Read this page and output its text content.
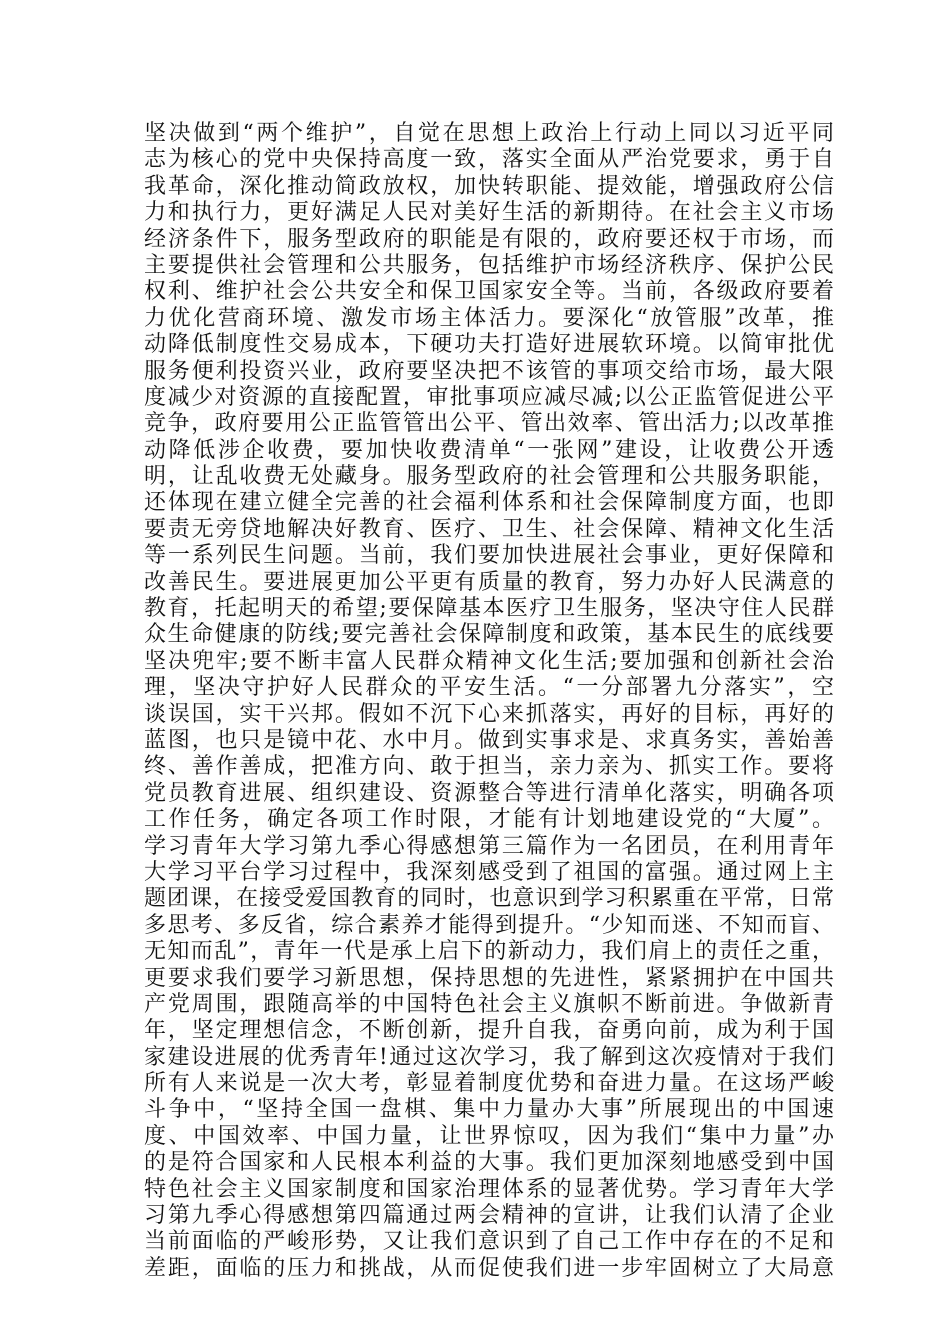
坚决做到“两个维护”，自觉在思想上政治上行动上同以习近平同
志为核心的党中央保持高度一致，落实全面从严治党要求，勇于自
我革命，深化推动简政放权，加快转职能、提效能，增强政府公信
力和执行力，更好满足人民对美好生活的新期待。在社会主义市场
经济条件下，服务型政府的职能是有限的，政府要还权于市场，而
主要提供社会管理和公共服务，包括维护市场经济秩序、保护公民
权利、维护社会公共安全和保卫国家安全等。当前，各级政府要着
力优化营商环境、激发市场主体活力。要深化“放管服”改革，推
动降低制度性交易成本，下硬功夫打造好进展软环境。以简审批优
服务便利投资兴业，政府要坚决把不该管的事项交给市场，最大限
度减少对资源的直接配置，审批事项应减尽减;以公正监管促进公平
竞争，政府要用公正监管管出公平、管出效率、管出活力;以改革推
动降低涉企收费，要加快收费清单“一张网”建设，让收费公开透
明，让乱收费无处藏身。服务型政府的社会管理和公共服务职能，
还体现在建立健全完善的社会福利体系和社会保障制度方面，也即
要责无旁贷地解决好教育、医疗、卫生、社会保障、精神文化生活
等一系列民生问题。当前，我们要加快进展社会事业，更好保障和
改善民生。要进展更加公平更有质量的教育，努力办好人民满意的
教育，托起明天的希望;要保障基本医疗卫生服务，坚决守住人民群
众生命健康的防线;要完善社会保障制度和政策，基本民生的底线要
坚决兜牢;要不断丰富人民群众精神文化生活;要加强和创新社会治
理，坚决守护好人民群众的平安生活。“一分部署九分落实”，空
谈误国，实干兴邦。假如不沉下心来抓落实，再好的目标，再好的
蓝图，也只是镜中花、水中月。做到实事求是、求真务实，善始善
终、善作善成，把准方向、敢于担当，亲力亲为、抓实工作。要将
党员教育进展、组织建设、资源整合等进行清单化落实，明确各项
工作任务，确定各项工作时限，才能有计划地建设党的“大厦”。
学习青年大学习第九季心得感想第三篇作为一名团员，在利用青年
大学习平台学习过程中，我深刻感受到了祖国的富强。通过网上主
题团课，在接受爱国教育的同时，也意识到学习积累重在平常，日常
多思考、多反省，综合素养才能得到提升。“少知而迷、不知而盲、
无知而乱”，青年一代是承上启下的新动力，我们肩上的责任之重，
更要求我们要学习新思想，保持思想的先进性，紧紧拥护在中国共
产党周围，跟随高举的中国特色社会主义旗帜不断前进。争做新青
年，坚定理想信念，不断创新，提升自我，奋勇向前，成为利于国
家建设进展的优秀青年!通过这次学习，我了解到这次疫情对于我们
所有人来说是一次大考，彰显着制度优势和奋进力量。在这场严峻
斗争中，“坚持全国一盘棋、集中力量办大事”所展现出的中国速
度、中国效率、中国力量，让世界惊叹，因为我们“集中力量”办
的是符合国家和人民根本利益的大事。我们更加深刻地感受到中国
特色社会主义国家制度和国家治理体系的显著优势。学习青年大学
习第九季心得感想第四篇通过两会精神的宣讲，让我们认清了企业
当前面临的严峻形势，又让我们意识到了自己工作中存在的不足和
差距，面临的压力和挑战，从而促使我们进一步牢固树立了大局意
